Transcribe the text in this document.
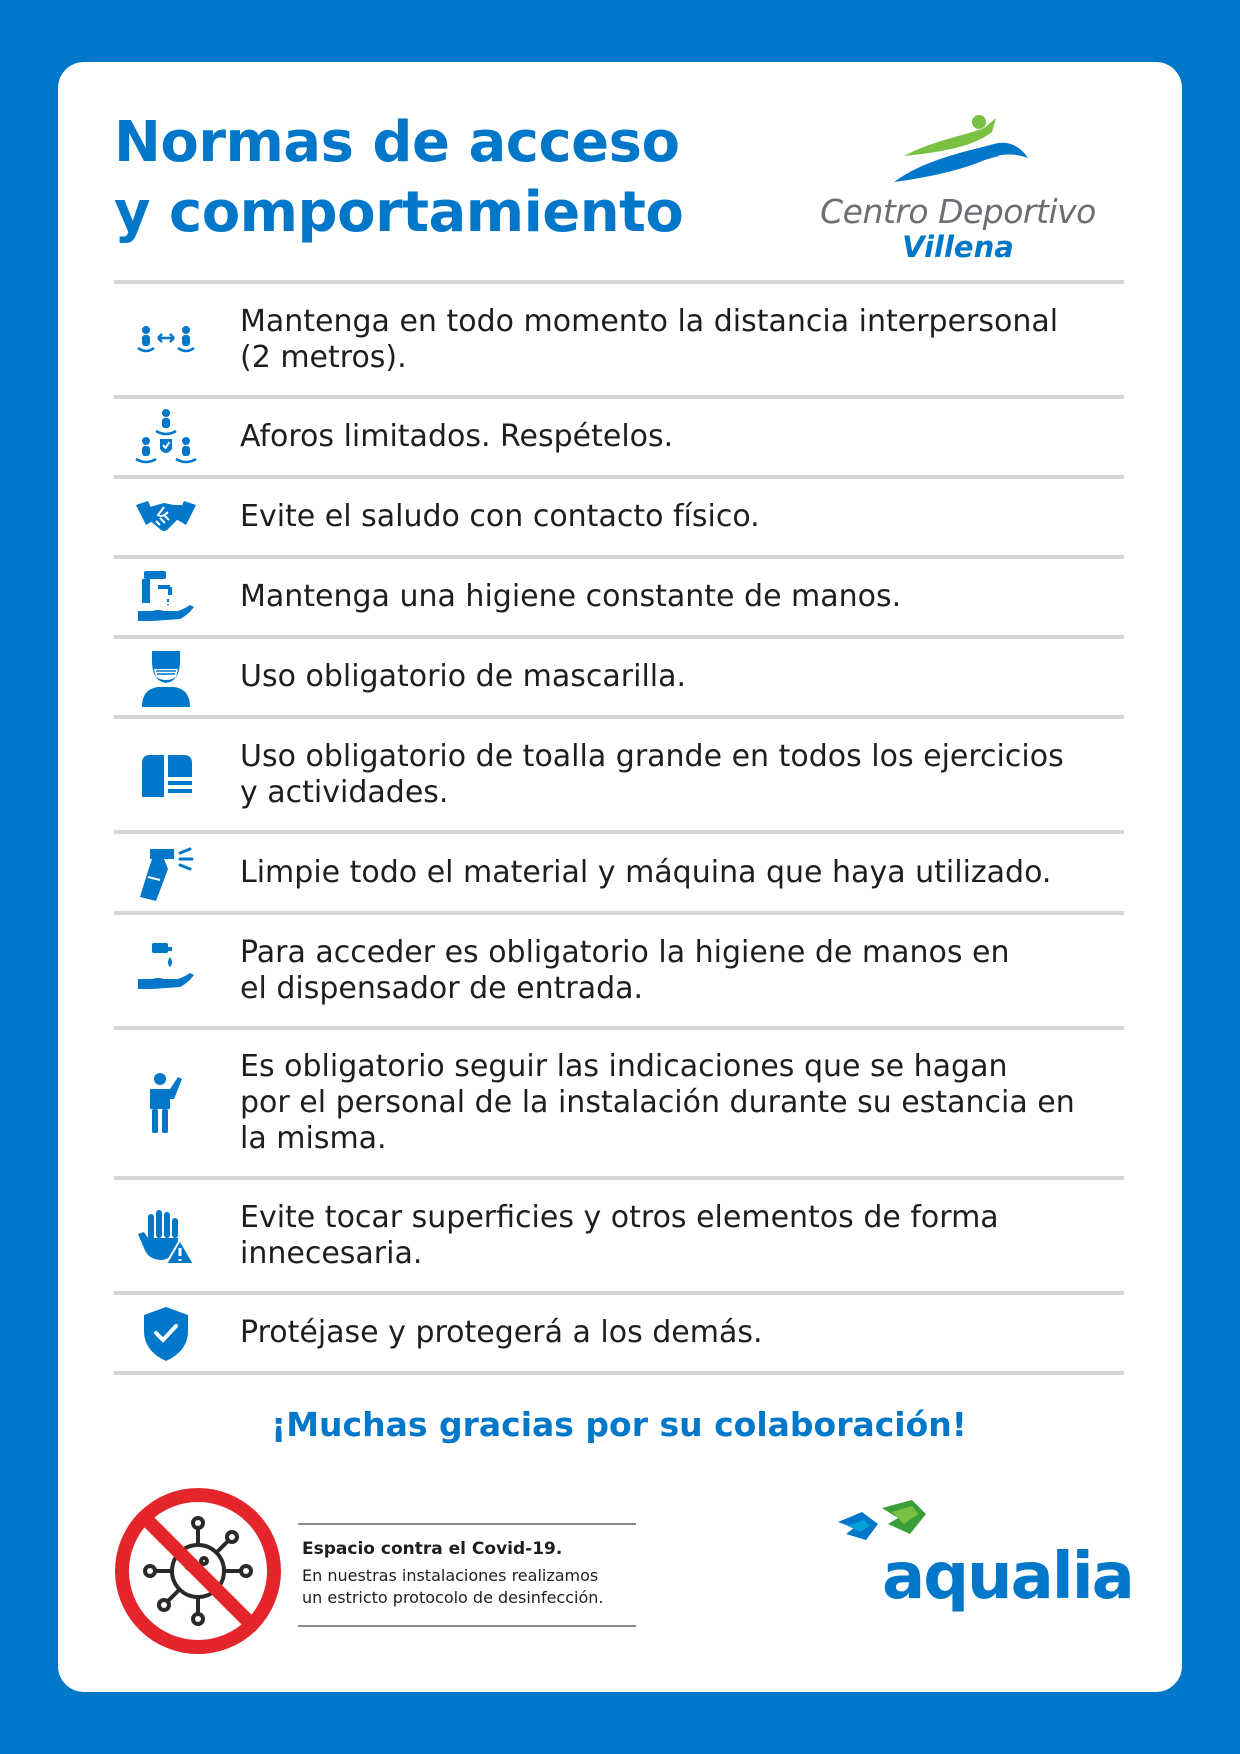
Normas de acceso
y comportamiento	Centro Deportivo
Villena

Mantenga en todo momento la distancia interpersonal
(2 metros).

Aforos limitados. Respételos.

Evite el saludo con contacto físico.

Mantenga una higiene constante de manos.

Uso obligatorio de mascarilla.

Uso obligatorio de toalla grande en todos los ejercicios
y actividades.

Limpie todo el material y máquina que haya utilizado.

Para acceder es obligatorio la higiene de manos en
el dispensador de entrada.

Es obligatorio seguir las indicaciones que se hagan
por el personal de la instalación durante su estancia en
la misma.

Evite tocar superficies y otros elementos de forma
innecesaria.

Protéjase y protegerá a los demás.

¡Muchas gracias por su colaboración!

Espacio contra el Covid-19.

En nuestras instalaciones realizamos
un estricto protocolo de desinfección.	aqualia
